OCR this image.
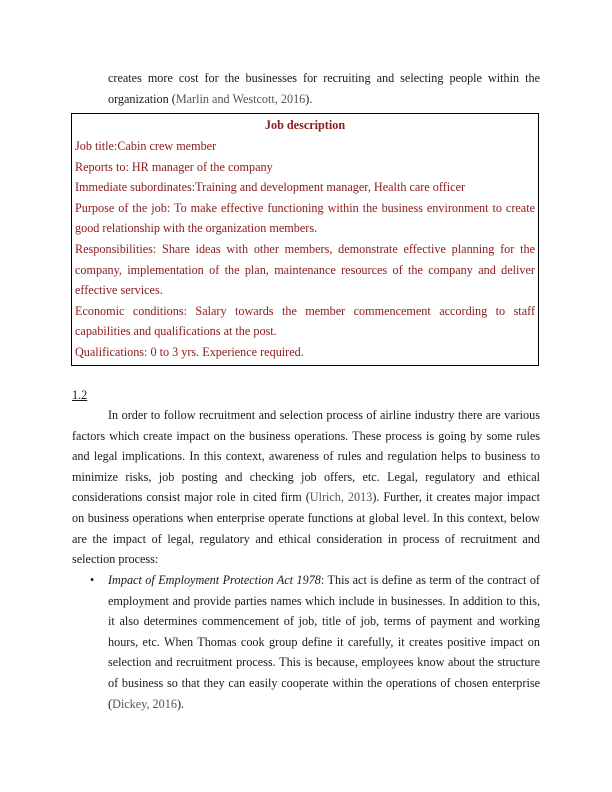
creates more cost for the businesses for recruiting and selecting people within the organization (Marlin and Westcott, 2016).

Job description

Job title:Cabin crew member

Reports to: HR manager of the company

Immediate subordinates:Training and development manager, Health care officer

Purpose of the job: To make effective functioning within the business environment to create good relationship with the organization members.

Responsibilities: Share ideas with other members, demonstrate effective planning for the company, implementation of the plan, maintenance resources of the company and deliver effective services.

Economic conditions: Salary towards the member commencement according to staff capabilities and qualifications at the post.

Qualifications: 0 to 3 yrs. Experience required.

1.2

In order to follow recruitment and selection process of airline industry there are various factors which create impact on the business operations. These process is going by some rules and legal implications. In this context, awareness of rules and regulation helps to business to minimize risks, job posting and checking job offers, etc. Legal, regulatory and ethical considerations consist major role in cited firm (Ulrich, 2013). Further, it creates major impact on business operations when enterprise operate functions at global level. In this context, below are the impact of legal, regulatory and ethical consideration in process of recruitment and selection process:

• Impact of Employment Protection Act 1978: This act is define as term of the contract of employment and provide parties names which include in businesses. In addition to this, it also determines commencement of job, title of job, terms of payment and working hours, etc. When Thomas cook group define it carefully, it creates positive impact on selection and recruitment process. This is because, employees know about the structure of business so that they can easily cooperate within the operations of chosen enterprise (Dickey, 2016).
